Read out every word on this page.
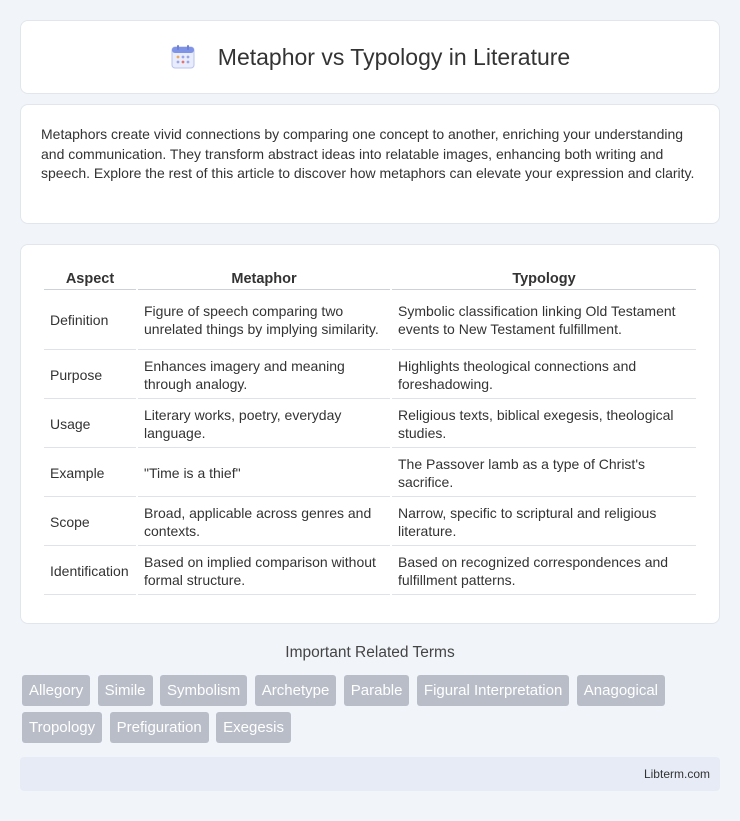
Metaphor vs Typology in Literature

Metaphors create vivid connections by comparing one concept to another, enriching your understanding and communication. They transform abstract ideas into relatable images, enhancing both writing and speech. Explore the rest of this article to discover how metaphors can elevate your expression and clarity.

Aspect	Metaphor	Typology
Definition	Figure of speech comparing two unrelated things by implying similarity.	Symbolic classification linking Old Testament events to New Testament fulfillment.
Purpose	Enhances imagery and meaning through analogy.	Highlights theological connections and foreshadowing.
Usage	Literary works, poetry, everyday language.	Religious texts, biblical exegesis, theological studies.
Example	"Time is a thief"	The Passover lamb as a type of Christ's sacrifice.
Scope	Broad, applicable across genres and contexts.	Narrow, specific to scriptural and religious literature.
Identification	Based on implied comparison without formal structure.	Based on recognized correspondences and fulfillment patterns.
Important Related Terms
Allegory Simile Symbolism Archetype Parable Figural Interpretation Anagogical Tropology Prefiguration Exegesis
Libterm.com
